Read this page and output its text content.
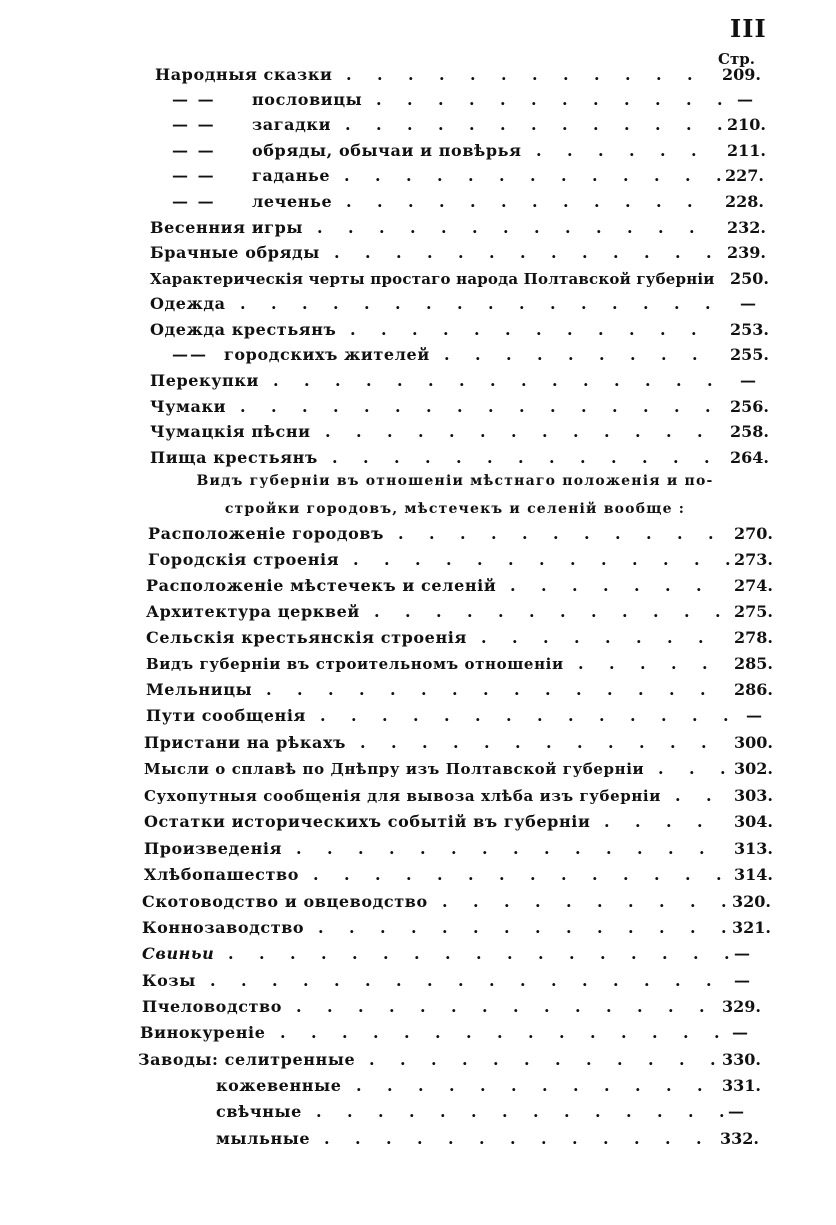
III
Стр.
Народныя сказки	209.
. . . . . . . . . . . .
— — пословицы	—
. . . . . . . . . . . .
— — загадки	210.
. . . . . . . . . . . . .
— — обряды, обычаи и повѣрья	211.
. . . . . .
— — гаданье	227.
. . . . . . . . . . . . .
— — леченье	228.
. . . . . . . . . . . .
Весенния игры	232.
. . . . . . . . . . . . .
Брачные обряды	239.
. . . . . . . . . . . . .
Характерическія черты простаго народа Полтавской губерніи 250.
Одежда	—
. . . . . . . . . . . . . . . .
Одежда крестьянъ	253.
. . . . . . . . . . . .
—— городскихъ жителей	255.
. . . . . . . . .
Перекупки	—
. . . . . . . . . . . . . . .
Чумаки	256.
. . . . . . . . . . . . . . . .
Чумацкія пѣсни	258.
. . . . . . . . . . . . .
Пища крестьянъ	264.
. . . . . . . . . . . . .
Видъ губерніи въ отношеніи мѣстнаго положенія и по-
стройки городовъ, мѣстечекъ и селеній вообще :
Расположеніе городовъ	270.
. . . . . . . . . . .
Городскія строенія	273.
. . . . . . . . . . . . .
Расположеніе мѣстечекъ и селеній	274.
. . . . . . .
Архитектура церквей	275.
. . . . . . . . . . . .
Сельскія крестьянскія строенія	278.
. . . . . . . .
Видъ губерніи въ строительномъ отношеніи	285.
. . . . .
Мельницы	286.
. . . . . . . . . . . . . . .
Пути сообщенія	—
. . . . . . . . . . . . . .
Пристани на рѣкахъ	300.
. . . . . . . . . . . .
Мысли о сплавѣ по Днѣпру изъ Полтавской губерніи	302.
. . .
Сухопутныя сообщенія для вывоза хлѣба изъ губерніи	303.
. .
Остатки историческихъ событій въ губерніи	304.
. . . .
Произведенія	313.
. . . . . . . . . . . . . .
Хлѣбопашество	314.
. . . . . . . . . . . . . .
Скотоводство и овцеводство	320.
. . . . . . . . . .
Коннозаводство	321.
. . . . . . . . . . . . . .
Свиньи	—
. . . . . . . . . . . . . . . . .
Козы	—
. . . . . . . . . . . . . . . . .
Пчеловодство	329.
. . . . . . . . . . . . . .
Винокуреніе	—
. . . . . . . . . . . . . . .
Заводы: селитренные	330.
. . . . . . . . . . . .
кожевенные	331.
. . . . . . . . . . . .
свѣчные	—
. . . . . . . . . . . . . .
мыльные	332.
. . . . . . . . . . . . .
